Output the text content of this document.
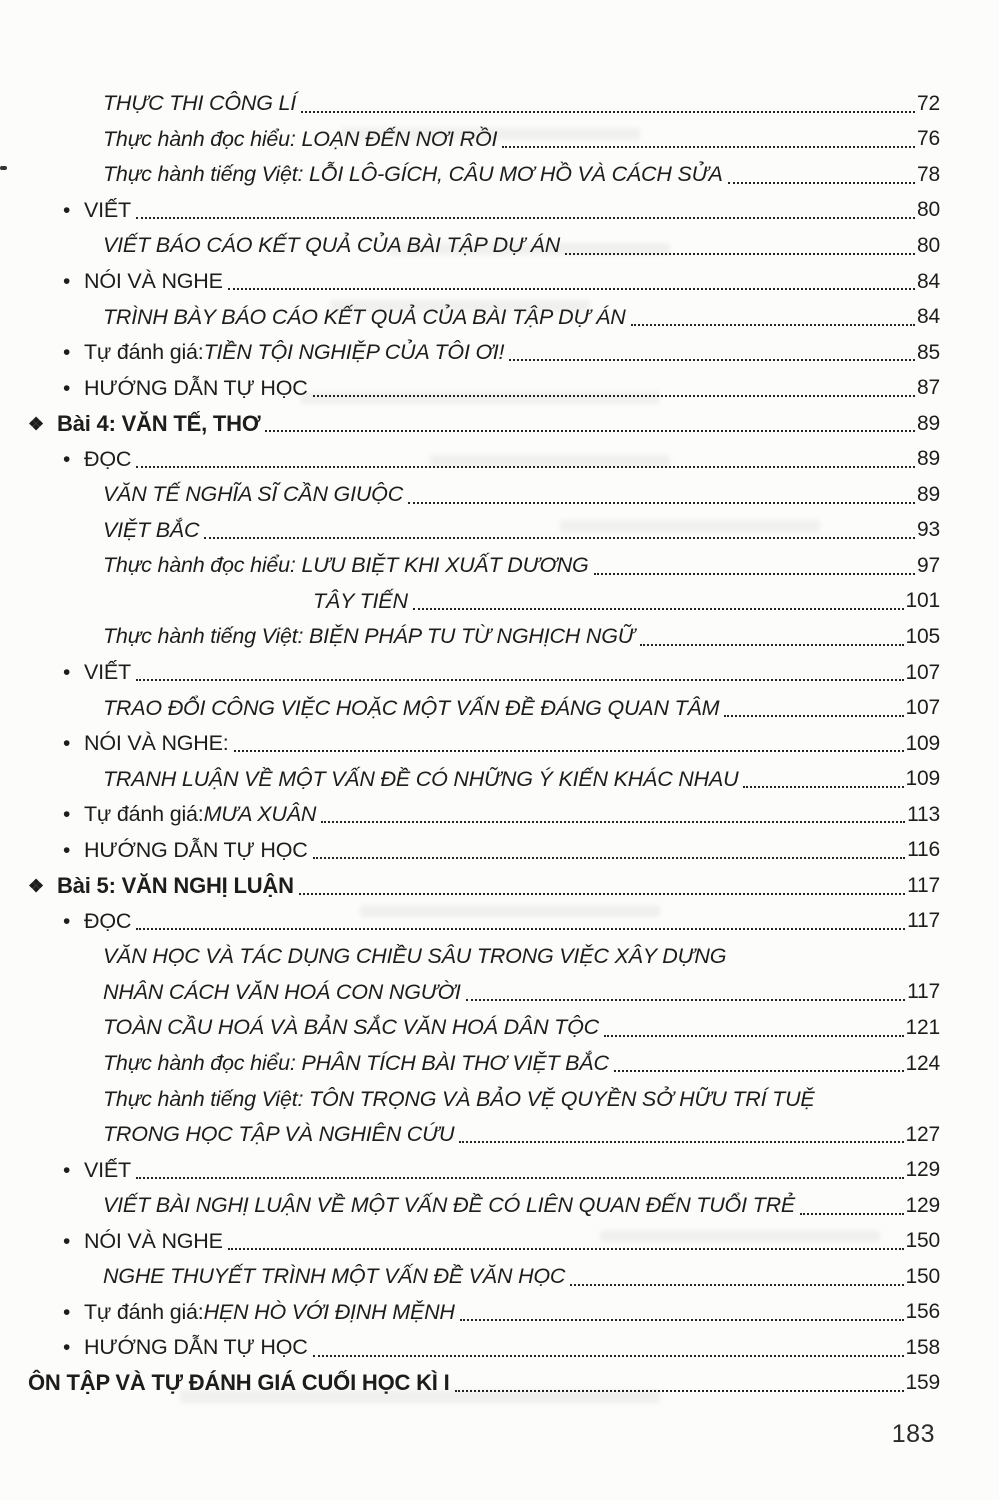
THỰC THI CÔNG LÍ	72
Thực hành đọc hiểu: LOẠN ĐẾN NƠI RỒI	76
Thực hành tiếng Việt: LỖI LÔ-GÍCH, CÂU MƠ HỒ VÀ CÁCH SỬA	78
• VIẾT	80
VIẾT BÁO CÁO KẾT QUẢ CỦA BÀI TẬP DỰ ÁN	80
• NÓI VÀ NGHE	84
TRÌNH BÀY BÁO CÁO KẾT QUẢ CỦA BÀI TẬP DỰ ÁN	84
• Tự đánh giá: TIỀN TỘI NGHIỆP CỦA TÔI ƠI!	85
• HƯỚNG DẪN TỰ HỌC	87
❖ Bài 4: VĂN TẾ, THƠ	89
• ĐỌC	89
VĂN TẾ NGHĨA SĨ CẦN GIUỘC	89
VIỆT BẮC	93
Thực hành đọc hiểu: LƯU BIỆT KHI XUẤT DƯƠNG	97
TÂY TIẾN	101
Thực hành tiếng Việt: BIỆN PHÁP TU TỪ NGHỊCH NGỮ	105
• VIẾT	107
TRAO ĐỔI CÔNG VIỆC HOẶC MỘT VẤN ĐỀ ĐÁNG QUAN TÂM	107
• NÓI VÀ NGHE:	109
TRANH LUẬN VỀ MỘT VẤN ĐỀ CÓ NHỮNG Ý KIẾN KHÁC NHAU	109
• Tự đánh giá: MƯA XUÂN	113
• HƯỚNG DẪN TỰ HỌC	116
❖ Bài 5: VĂN NGHỊ LUẬN	117
• ĐỌC	117
VĂN HỌC VÀ TÁC DỤNG CHIỀU SÂU TRONG VIỆC XÂY DỰNG
NHÂN CÁCH VĂN HOÁ CON NGƯỜI	117
TOÀN CẦU HOÁ VÀ BẢN SẮC VĂN HOÁ DÂN TỘC	121
Thực hành đọc hiểu: PHÂN TÍCH BÀI THƠ VIỆT BẮC	124
Thực hành tiếng Việt: TÔN TRỌNG VÀ BẢO VỆ QUYỀN SỞ HỮU TRÍ TUỆ
TRONG HỌC TẬP VÀ NGHIÊN CỨU	127
• VIẾT	129
VIẾT BÀI NGHỊ LUẬN VỀ MỘT VẤN ĐỀ CÓ LIÊN QUAN ĐẾN TUỔI TRẺ	129
• NÓI VÀ NGHE	150
NGHE THUYẾT TRÌNH MỘT VẤN ĐỀ VĂN HỌC	150
• Tự đánh giá: HẸN HÒ VỚI ĐỊNH MỆNH	156
• HƯỚNG DẪN TỰ HỌC	158
ÔN TẬP VÀ TỰ ĐÁNH GIÁ CUỐI HỌC KÌ I	159
183
